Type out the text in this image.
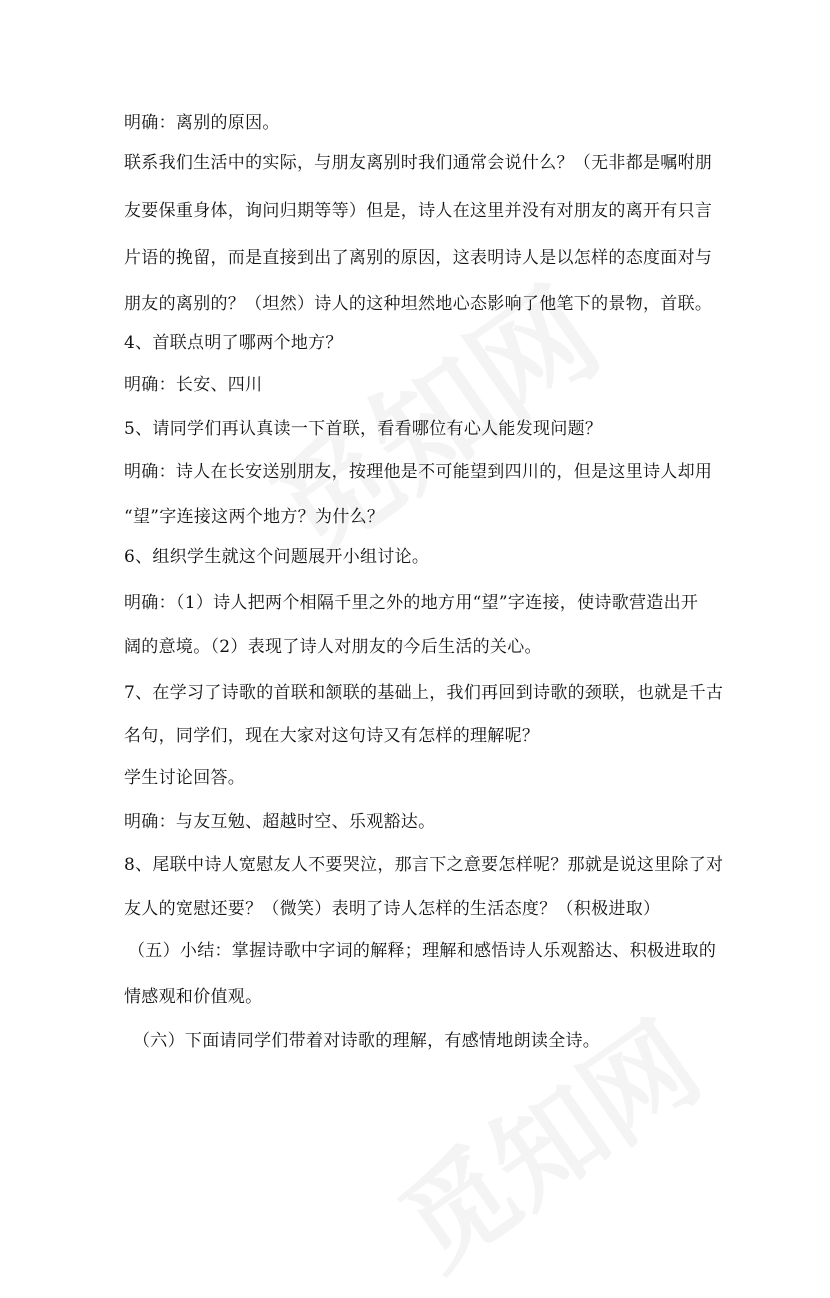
明确：离别的原因。
联系我们生活中的实际，与朋友离别时我们通常会说什么？（无非都是嘱咐朋
友要保重身体，询问归期等等）但是，诗人在这里并没有对朋友的离开有只言
片语的挽留，而是直接到出了离别的原因，这表明诗人是以怎样的态度面对与
朋友的离别的？（坦然）诗人的这种坦然地心态影响了他笔下的景物，首联。
4、首联点明了哪两个地方？
明确：长安、四川
5、请同学们再认真读一下首联，看看哪位有心人能发现问题？
明确：诗人在长安送别朋友，按理他是不可能望到四川的，但是这里诗人却用
“望”字连接这两个地方？为什么？
6、组织学生就这个问题展开小组讨论。
明确：（1）诗人把两个相隔千里之外的地方用“望”字连接，使诗歌营造出开
阔的意境。（2）表现了诗人对朋友的今后生活的关心。
7、在学习了诗歌的首联和颔联的基础上，我们再回到诗歌的颈联，也就是千古
名句，同学们，现在大家对这句诗又有怎样的理解呢？
学生讨论回答。
明确：与友互勉、超越时空、乐观豁达。
8、尾联中诗人宽慰友人不要哭泣，那言下之意要怎样呢？那就是说这里除了对
友人的宽慰还要？（微笑）表明了诗人怎样的生活态度？（积极进取）
（五）小结：掌握诗歌中字词的解释；理解和感悟诗人乐观豁达、积极进取的
情感观和价值观。
（六）下面请同学们带着对诗歌的理解，有感情地朗读全诗。
